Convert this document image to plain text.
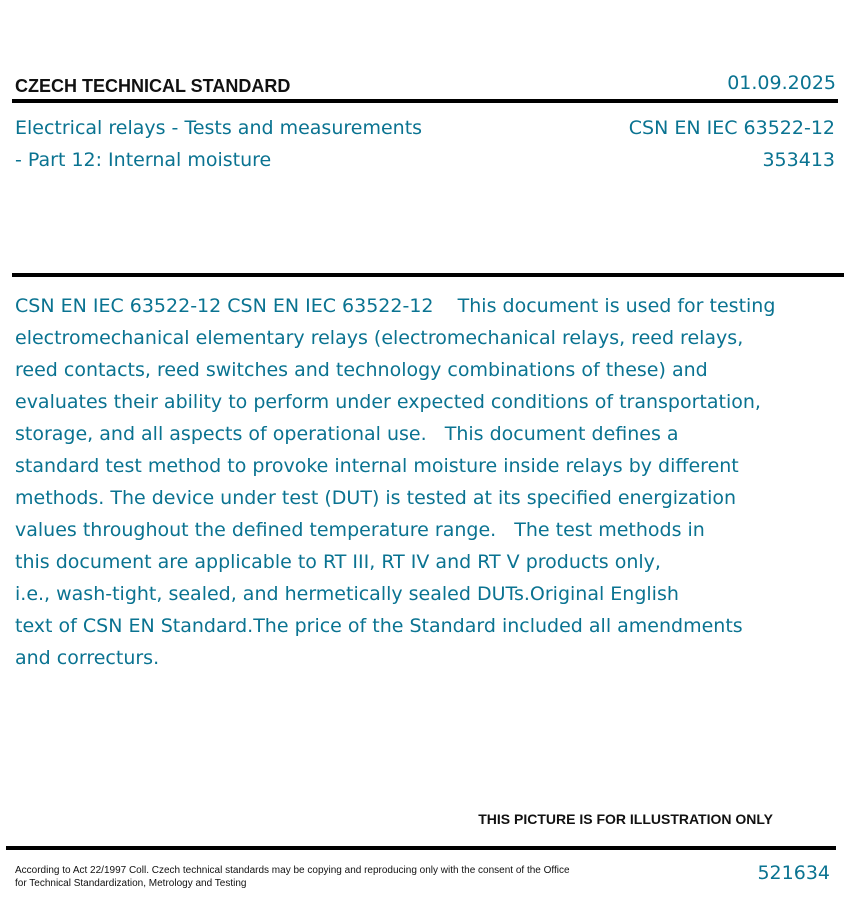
CZECH TECHNICAL STANDARD	01.09.2025
Electrical relays - Tests and measurements
- Part 12: Internal moisture
CSN EN IEC 63522-12
353413
CSN EN IEC 63522-12 CSN EN IEC 63522-12    This document is used for testing
electromechanical elementary relays (electromechanical relays, reed relays,
reed contacts, reed switches and technology combinations of these) and
evaluates their ability to perform under expected conditions of transportation,
storage, and all aspects of operational use.   This document defines a
standard test method to provoke internal moisture inside relays by different
methods. The device under test (DUT) is tested at its specified energization
values throughout the defined temperature range.   The test methods in
this document are applicable to RT III, RT IV and RT V products only,
i.e., wash-tight, sealed, and hermetically sealed DUTs.Original English
text of CSN EN Standard.The price of the Standard included all amendments
and correcturs.
THIS PICTURE IS FOR ILLUSTRATION ONLY
According to Act 22/1997 Coll. Czech technical standards may be copying and reproducing only with the consent of the Office
for Technical Standardization, Metrology and Testing	521634
